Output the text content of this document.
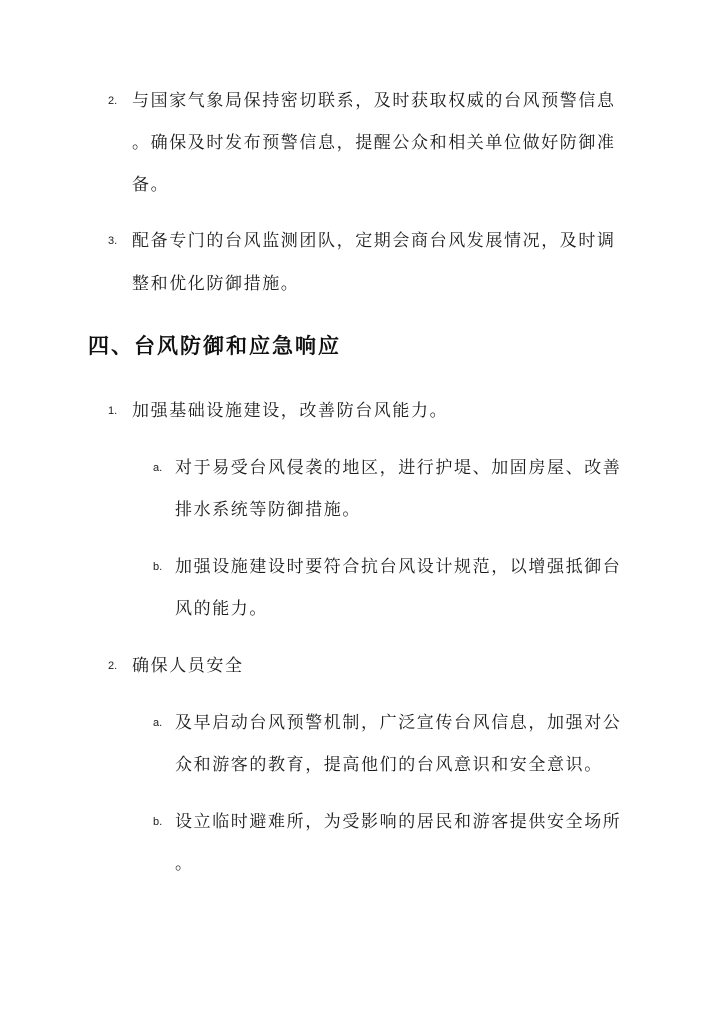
2. 与国家气象局保持密切联系，及时获取权威的台风预警信息
。确保及时发布预警信息，提醒公众和相关单位做好防御准
备。
3. 配备专门的台风监测团队，定期会商台风发展情况，及时调
整和优化防御措施。
四、台风防御和应急响应
1. 加强基础设施建设，改善防台风能力。
a. 对于易受台风侵袭的地区，进行护堤、加固房屋、改善
排水系统等防御措施。
b. 加强设施建设时要符合抗台风设计规范，以增强抵御台
风的能力。
2. 确保人员安全
a. 及早启动台风预警机制，广泛宣传台风信息，加强对公
众和游客的教育，提高他们的台风意识和安全意识。
b. 设立临时避难所，为受影响的居民和游客提供安全场所
。
